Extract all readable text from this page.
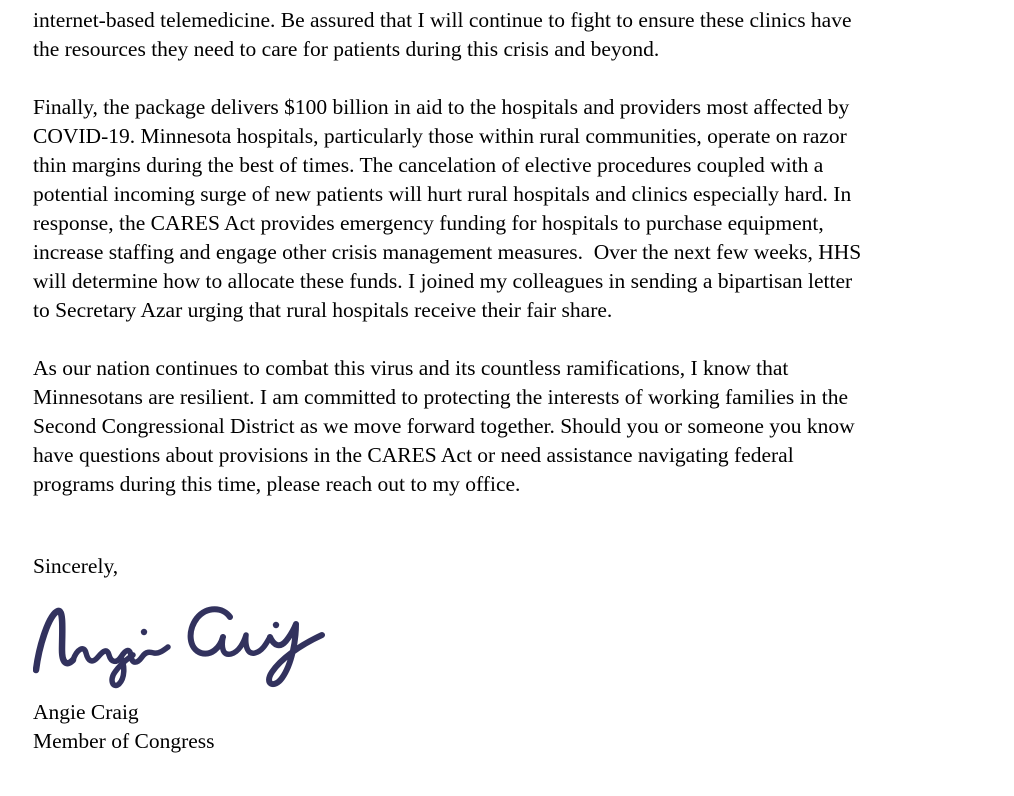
internet-based telemedicine. Be assured that I will continue to fight to ensure these clinics have
the resources they need to care for patients during this crisis and beyond.
Finally, the package delivers $100 billion in aid to the hospitals and providers most affected by
COVID-19. Minnesota hospitals, particularly those within rural communities, operate on razor
thin margins during the best of times. The cancelation of elective procedures coupled with a
potential incoming surge of new patients will hurt rural hospitals and clinics especially hard. In
response, the CARES Act provides emergency funding for hospitals to purchase equipment,
increase staffing and engage other crisis management measures.  Over the next few weeks, HHS
will determine how to allocate these funds. I joined my colleagues in sending a bipartisan letter
to Secretary Azar urging that rural hospitals receive their fair share.
As our nation continues to combat this virus and its countless ramifications, I know that
Minnesotans are resilient. I am committed to protecting the interests of working families in the
Second Congressional District as we move forward together. Should you or someone you know
have questions about provisions in the CARES Act or need assistance navigating federal
programs during this time, please reach out to my office.
Sincerely,
Angie Craig
Member of Congress
